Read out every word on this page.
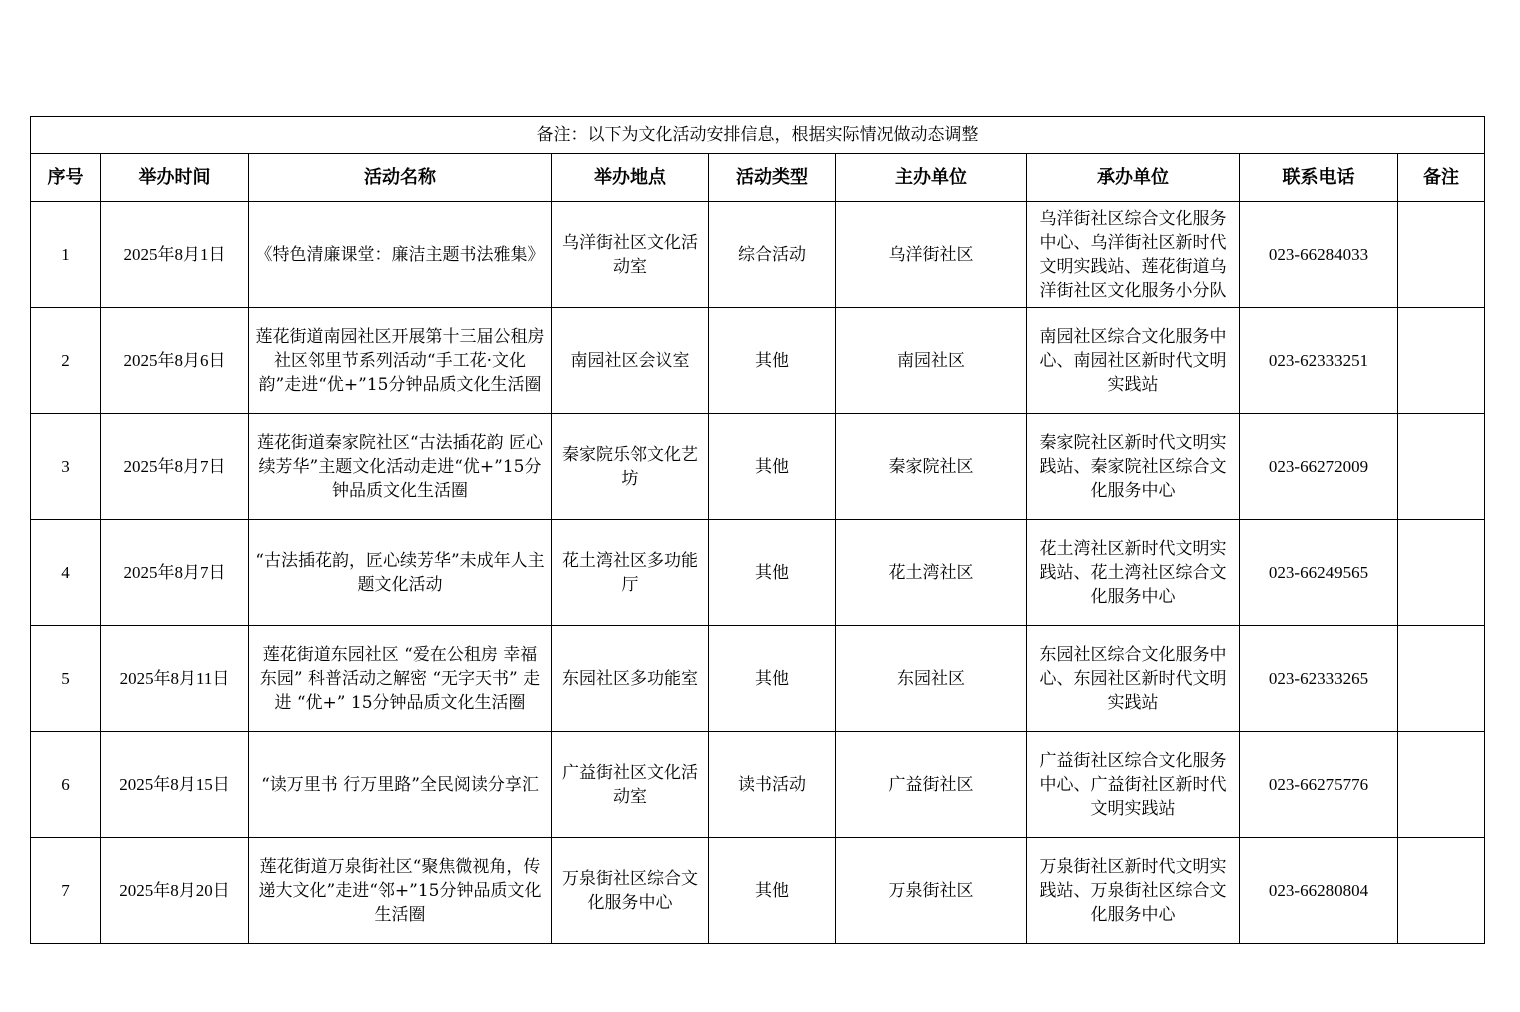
备注：以下为文化活动安排信息，根据实际情况做动态调整								
序号	举办时间	活动名称	举办地点	活动类型	主办单位	承办单位	联系电话	备注
1	2025年8月1日	《特色清廉课堂：廉洁主题书法雅集》	乌洋街社区文化活动室	综合活动	乌洋街社区	乌洋街社区综合文化服务中心、乌洋街社区新时代文明实践站、莲花街道乌洋街社区文化服务小分队	023-66284033	
2	2025年8月6日	莲花街道南园社区开展第十三届公租房社区邻里节系列活动“手工花·文化韵”走进“优+”15分钟品质文化生活圈	南园社区会议室	其他	南园社区	南园社区综合文化服务中心、南园社区新时代文明实践站	023-62333251	
3	2025年8月7日	莲花街道秦家院社区“古法插花韵 匠心续芳华”主题文化活动走进“优+”15分钟品质文化生活圈	秦家院乐邻文化艺坊	其他	秦家院社区	秦家院社区新时代文明实践站、秦家院社区综合文化服务中心	023-66272009	
4	2025年8月7日	“古法插花韵，匠心续芳华”未成年人主题文化活动	花土湾社区多功能厅	其他	花土湾社区	花土湾社区新时代文明实践站、花土湾社区综合文化服务中心	023-66249565	
5	2025年8月11日	莲花街道东园社区 “爱在公租房 幸福东园” 科普活动之解密 “无字天书” 走进 “优+” 15分钟品质文化生活圈	东园社区多功能室	其他	东园社区	东园社区综合文化服务中心、东园社区新时代文明实践站	023-62333265	
6	2025年8月15日	“读万里书 行万里路”全民阅读分享汇	广益街社区文化活动室	读书活动	广益街社区	广益街社区综合文化服务中心、广益街社区新时代文明实践站	023-66275776	
7	2025年8月20日	莲花街道万泉街社区“聚焦微视角，传递大文化”走进“邻+”15分钟品质文化生活圈	万泉街社区综合文化服务中心	其他	万泉街社区	万泉街社区新时代文明实践站、万泉街社区综合文化服务中心	023-66280804	
